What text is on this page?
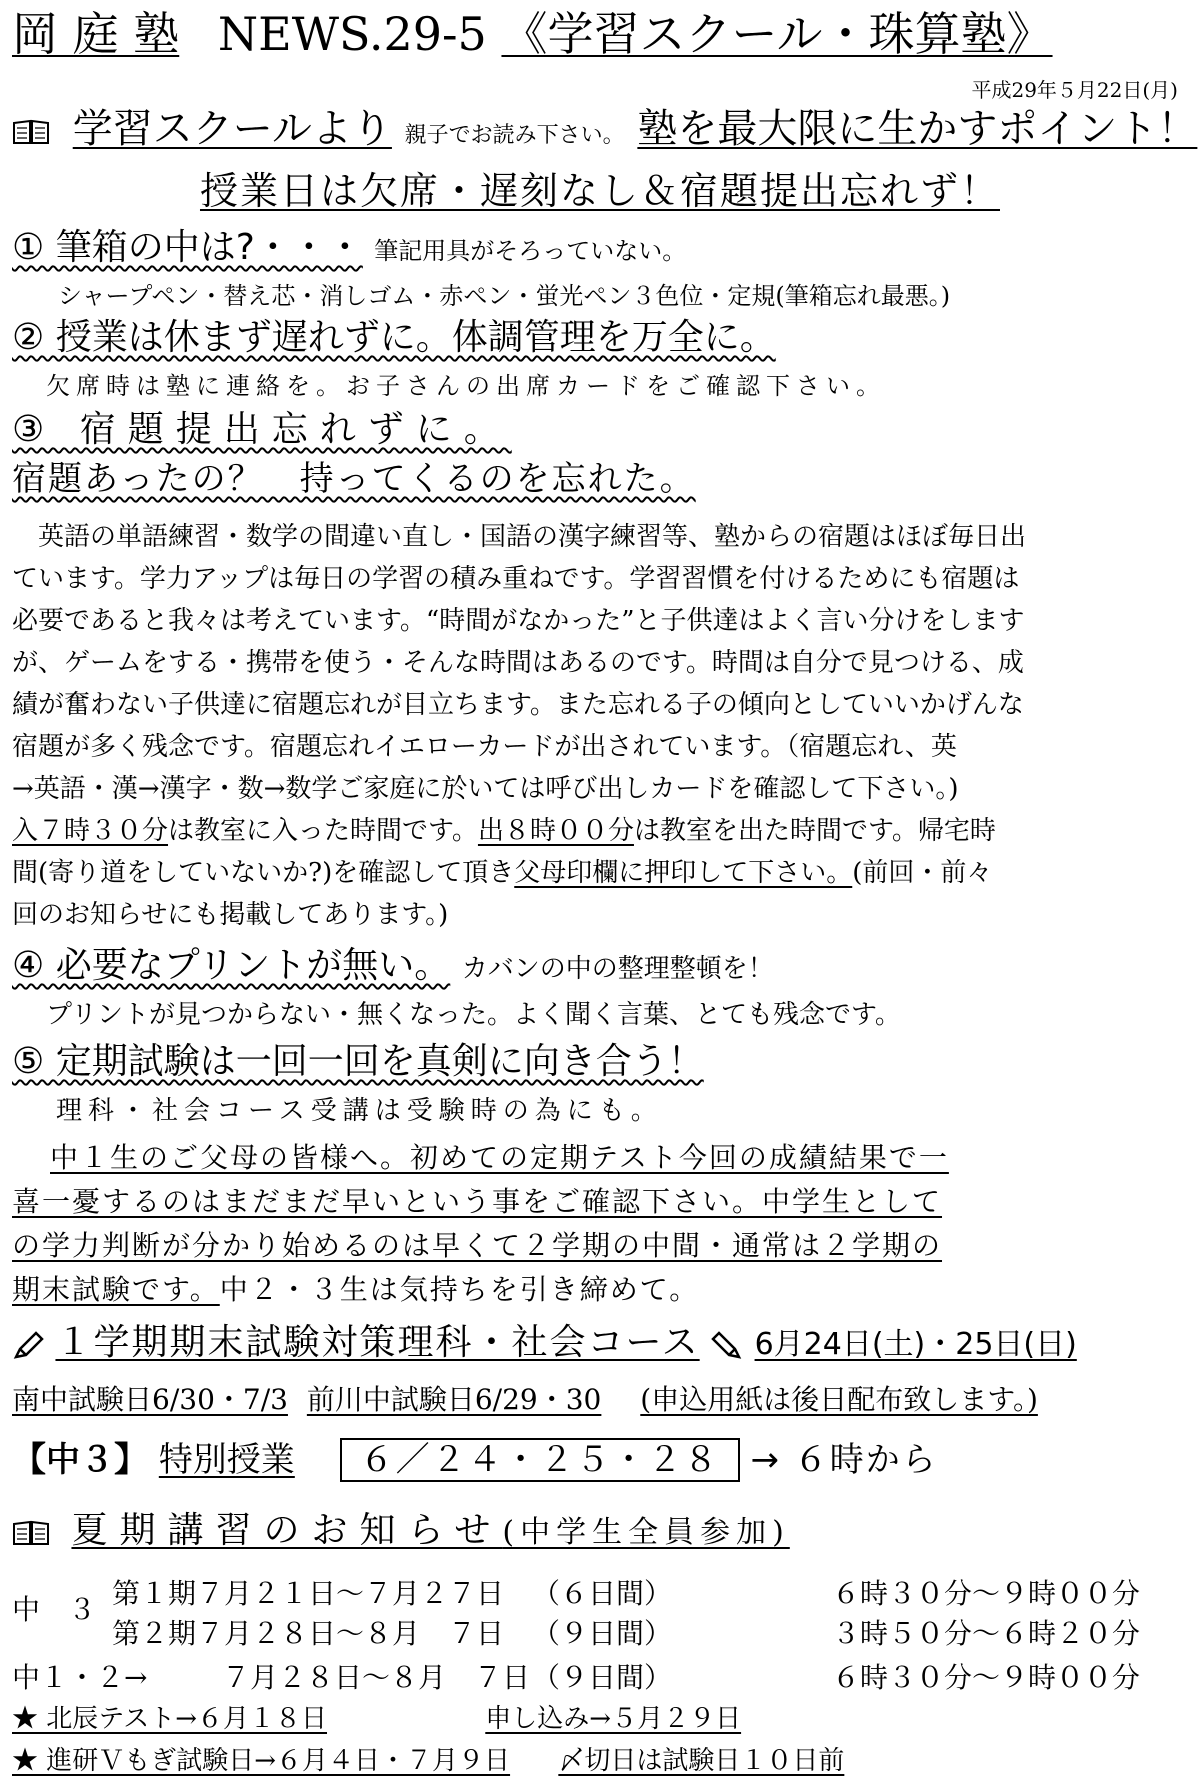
岡 庭 塾 NEWS.29-5 《学習スクール・珠算塾》
平成29年５月22日(月)
学習スクールより 親子でお読み下さい。 塾を最大限に生かすポイント！
授業日は欠席・遅刻なし＆宿題提出忘れず！
① 筆箱の中は?・・・ 筆記用具がそろっていない。
シャープペン・替え芯・消しゴム・赤ペン・蛍光ペン３色位・定規(筆箱忘れ最悪。)
② 授業は休まず遅れずに。体調管理を万全に。
欠席時は塾に連絡を。お子さんの出席カードをご確認下さい。
③ 宿題提出忘れずに。
宿題あったの？　持ってくるのを忘れた。
　英語の単語練習・数学の間違い直し・国語の漢字練習等、塾からの宿題はほぼ毎日出
ています。学力アップは毎日の学習の積み重ねです。学習習慣を付けるためにも宿題は
必要であると我々は考えています。“時間がなかった”と子供達はよく言い分けをします
が、ゲームをする・携帯を使う・そんな時間はあるのです。時間は自分で見つける、成
績が奮わない子供達に宿題忘れが目立ちます。また忘れる子の傾向としていいかげんな
宿題が多く残念です。宿題忘れイエローカードが出されています。（宿題忘れ、英
→英語・漢→漢字・数→数学ご家庭に於いては呼び出しカードを確認して下さい。)
入７時３０分は教室に入った時間です。出８時００分は教室を出た時間です。帰宅時
間(寄り道をしていないか?)を確認して頂き父母印欄に押印して下さい。(前回・前々
回のお知らせにも掲載してあります。)
④ 必要なプリントが無い。 カバンの中の整理整頓を！
プリントが見つからない・無くなった。よく聞く言葉、とても残念です。
⑤ 定期試験は一回一回を真剣に向き合う！
理科・社会コース受講は受験時の為にも。
中１生のご父母の皆様へ。初めての定期テスト今回の成績結果で一
喜一憂するのはまだまだ早いという事をご確認下さい。中学生として
の学力判断が分かり始めるのは早くて２学期の中間・通常は２学期の
期末試験です。中２・３生は気持ちを引き締めて。
１学期期末試験対策理科・社会コース 6月24日(土)・25日(日)
南中試験日6/30・7/3 前川中試験日6/29・30 (申込用紙は後日配布致します。)
【中３】 特別授業 ６／２４・２５・２８ → ６時から
夏期講習のお知らせ(中学生全員参加)
中　３ 第１期７月２１日～７月２７日 （６日間）	６時３０分～９時００分
第２期７月２８日～８月　７日 （９日間）	３時５０分～６時２０分
中１・２→	７月２８日～８月　７日 （９日間）	６時３０分～９時００分
★ 北辰テスト→６月１８日	申し込み→５月２９日
★ 進研Ｖもぎ試験日→６月４日・７月９日 〆切日は試験日１０日前
